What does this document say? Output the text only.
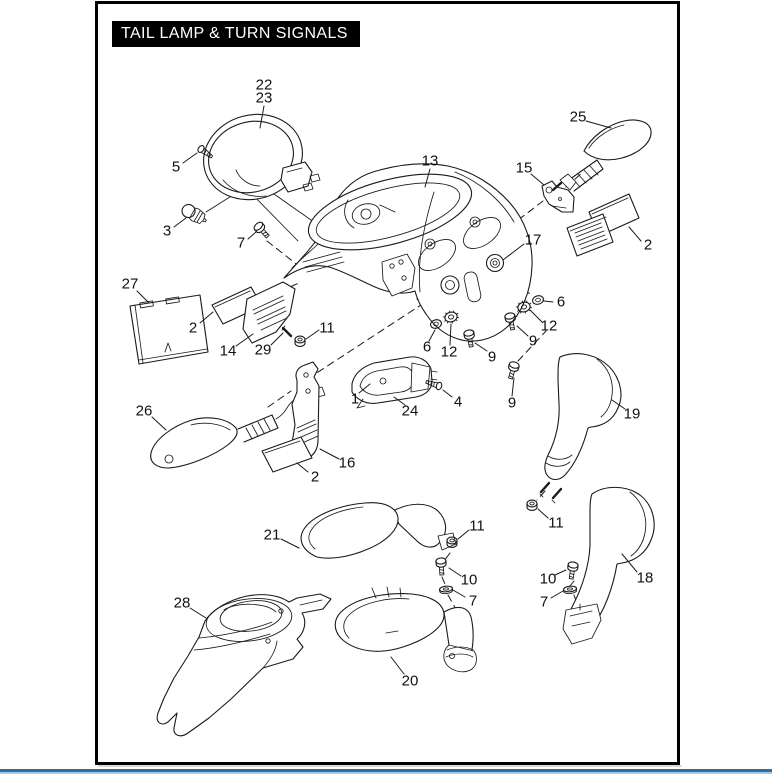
TAIL LAMP & TURN SIGNALS
22
23
5
3
7
13	15
25
2
17
27
2
14 29
11
6 12 9
6
12
9
9
1
24
4
26
16
2
19
11
21
11
10
7
10
7
18
28
20
